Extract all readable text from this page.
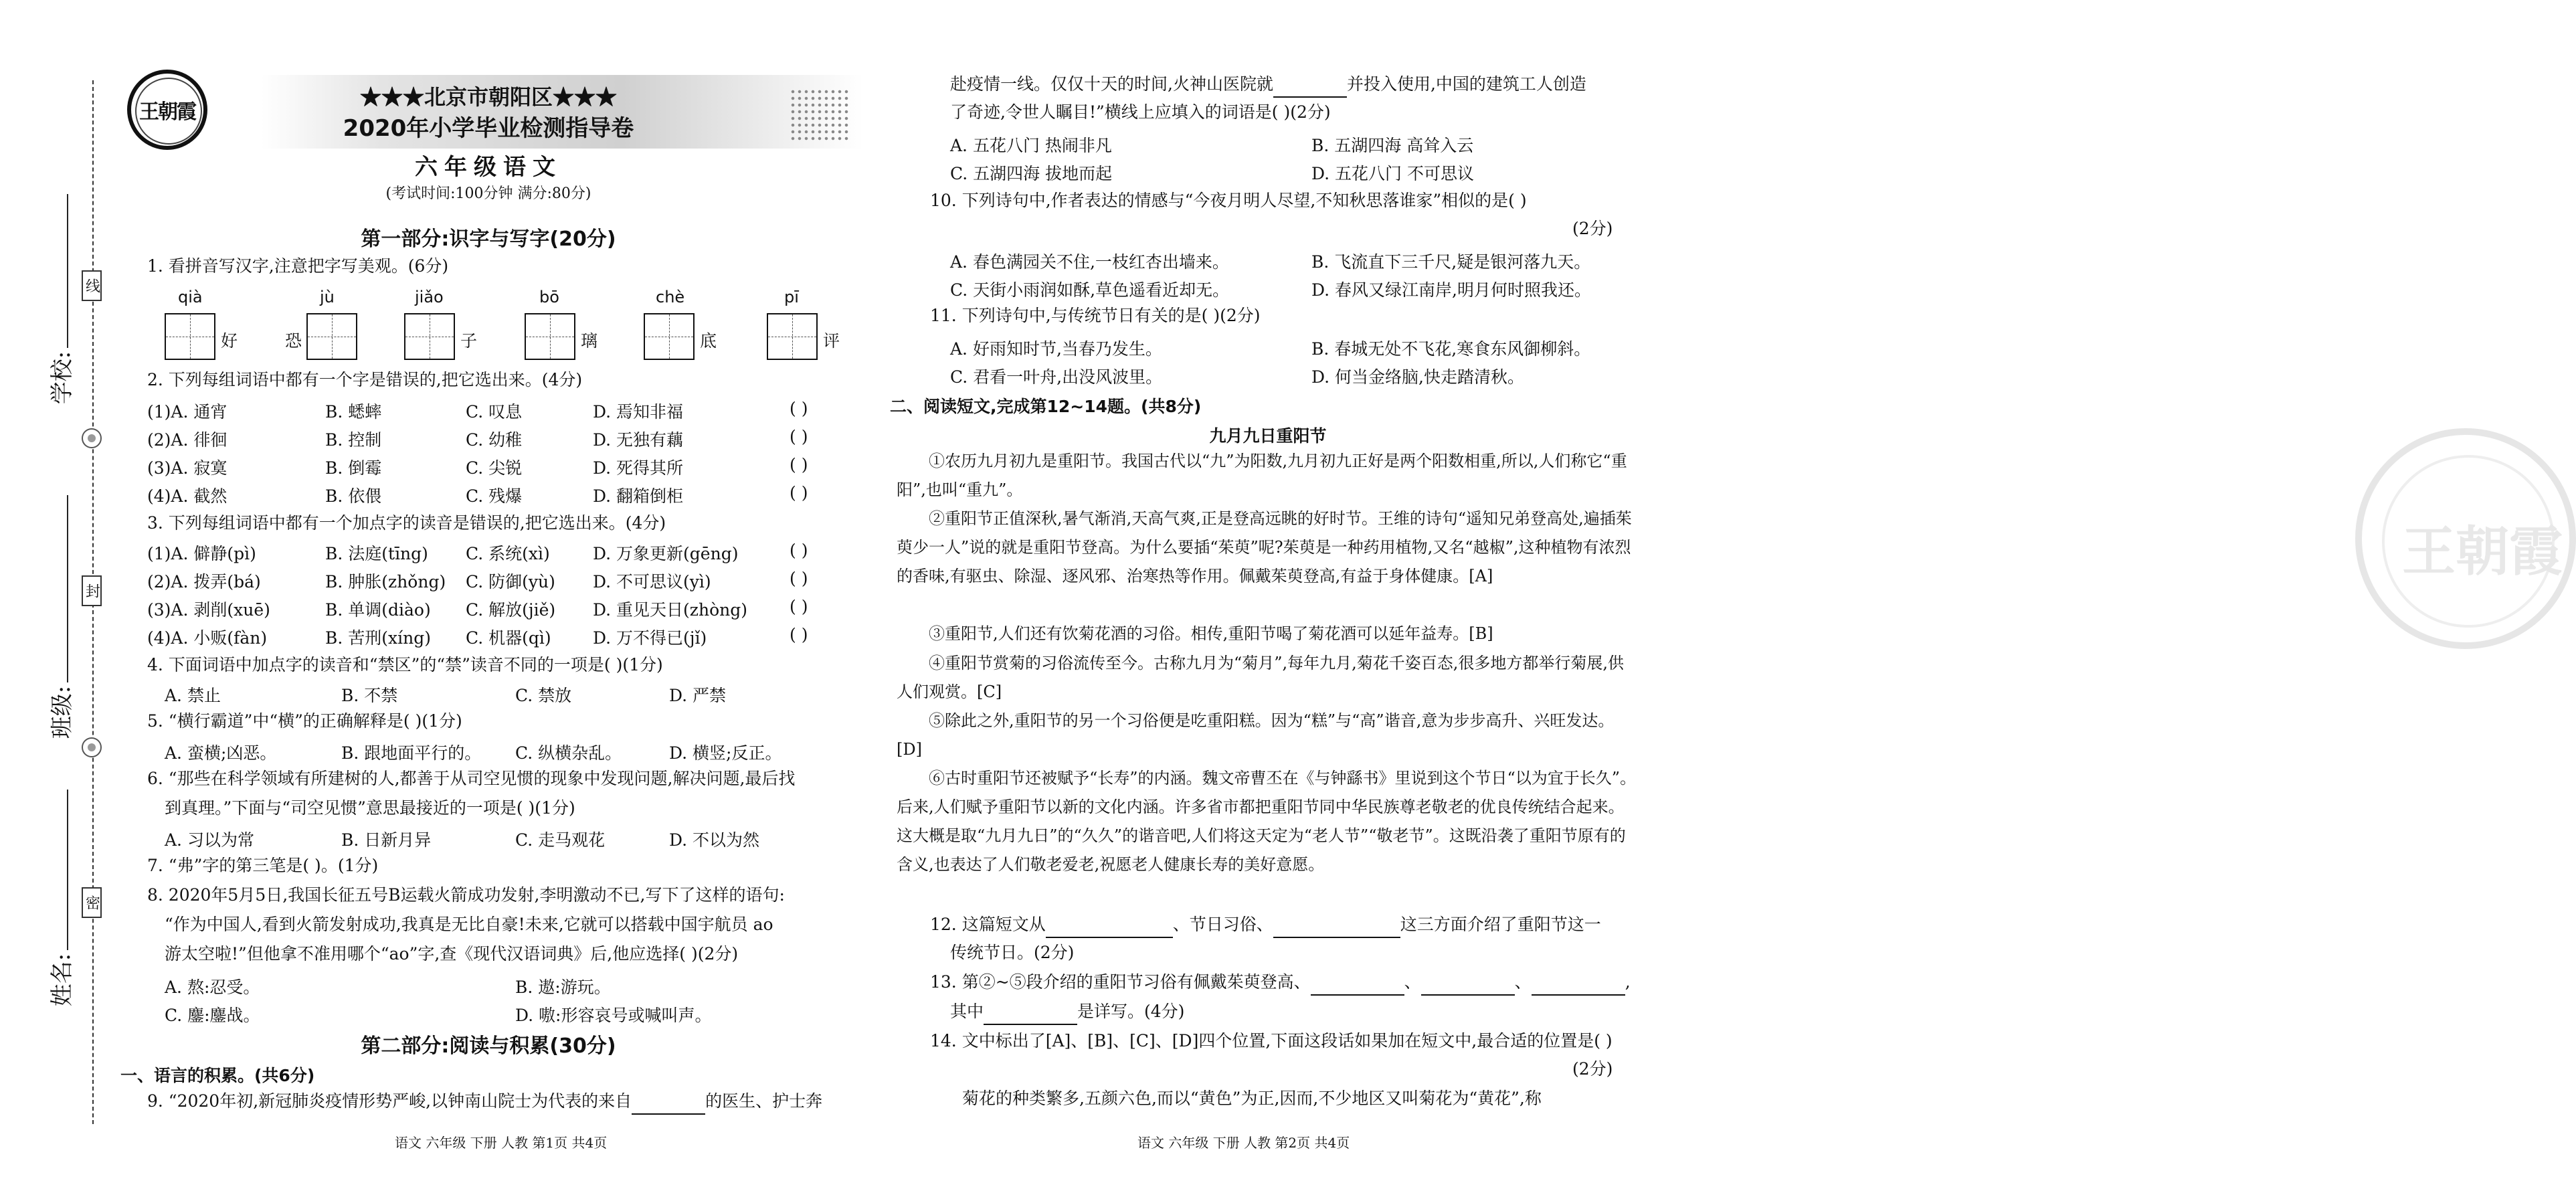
学校:
班级:
姓名:
线
封
密
王朝霞
★★★北京市朝阳区★★★
2020年小学毕业检测指导卷
六年级语文
(考试时间:100分钟 满分:80分)
第一部分:识字与写字(20分)
1. 看拼音写汉字,注意把字写美观。(6分)
qià	jù	jiǎo	bō	chè	pī
好	恐	子	璃	底	评
2. 下列每组词语中都有一个字是错误的,把它选出来。(4分)
(1)A. 通宵	B. 蟋蟀	C. 叹息	D. 焉知非福	( )
(2)A. 徘徊	B. 控制	C. 幼稚	D. 无独有藕	( )
(3)A. 寂寞	B. 倒霉	C. 尖锐	D. 死得其所	( )
(4)A. 截然	B. 依偎	C. 残爆	D. 翻箱倒柜	( )
3. 下列每组词语中都有一个加点字的读音是错误的,把它选出来。(4分)
(1)A. 僻静(pì)	B. 法庭(tīng) C. 系统(xì)	D. 万象更新(gēng)	( )
(2)A. 拨弄(bá)	B. 肿胀(zhǒng) C. 防御(yù) D. 不可思议(yì)	( )
(3)A. 剥削(xuē)	B. 单调(diào) C. 解放(jiě) D. 重见天日(zhòng)	( )
(4)A. 小贩(fàn)	B. 苦刑(xíng) C. 机器(qì) D. 万不得已(jǐ)	( )
4. 下面词语中加点字的读音和“禁区”的“禁”读音不同的一项是( )(1分)
A. 禁止	B. 不禁	C. 禁放	D. 严禁
5. “横行霸道”中“横”的正确解释是( )(1分)
A. 蛮横;凶恶。	B. 跟地面平行的。 C. 纵横杂乱。	D. 横竖;反正。
6. “那些在科学领域有所建树的人,都善于从司空见惯的现象中发现问题,解决问题,最后找
到真理。”下面与“司空见惯”意思最接近的一项是( )(1分)
A. 习以为常	B. 日新月异	C. 走马观花	D. 不以为然
7. “弗”字的第三笔是( )。(1分)
8. 2020年5月5日,我国长征五号B运载火箭成功发射,李明激动不已,写下了这样的语句:
“作为中国人,看到火箭发射成功,我真是无比自豪!未来,它就可以搭载中国宇航员 ao
游太空啦!”但他拿不准用哪个“ao”字,查《现代汉语词典》后,他应选择( )(2分)
A. 熬:忍受。	B. 遨:游玩。
C. 鏖:鏖战。	D. 嗷:形容哀号或喊叫声。
第二部分:阅读与积累(30分)
一、语言的积累。(共6分)
9. “2020年初,新冠肺炎疫情形势严峻,以钟南山院士为代表的来自	的医生、护士奔
语文 六年级 下册 人教 第1页 共4页
王朝霞
赴疫情一线。仅仅十天的时间,火神山医院就	并投入使用,中国的建筑工人创造
了奇迹,令世人瞩目!”横线上应填入的词语是( )(2分)
A. 五花八门 热闹非凡	B. 五湖四海 高耸入云
C. 五湖四海 拔地而起	D. 五花八门 不可思议
10. 下列诗句中,作者表达的情感与“今夜月明人尽望,不知秋思落谁家”相似的是( )
(2分)
A. 春色满园关不住,一枝红杏出墙来。	B. 飞流直下三千尺,疑是银河落九天。
C. 天街小雨润如酥,草色遥看近却无。	D. 春风又绿江南岸,明月何时照我还。
11. 下列诗句中,与传统节日有关的是( )(2分)
A. 好雨知时节,当春乃发生。	B. 春城无处不飞花,寒食东风御柳斜。
C. 君看一叶舟,出没风波里。	D. 何当金络脑,快走踏清秋。
二、阅读短文,完成第12~14题。(共8分)
九月九日重阳节
①农历九月初九是重阳节。我国古代以“九”为阳数,九月初九正好是两个阳数相重,所以,人们称它“重阳”,也叫“重九”。
②重阳节正值深秋,暑气渐消,天高气爽,正是登高远眺的好时节。王维的诗句“遥知兄弟登高处,遍插茱萸少一人”说的就是重阳节登高。为什么要插“茱萸”呢?茱萸是一种药用植物,又名“越椒”,这种植物有浓烈的香味,有驱虫、除湿、逐风邪、治寒热等作用。佩戴茱萸登高,有益于身体健康。[A]
③重阳节,人们还有饮菊花酒的习俗。相传,重阳节喝了菊花酒可以延年益寿。[B]
④重阳节赏菊的习俗流传至今。古称九月为“菊月”,每年九月,菊花千姿百态,很多地方都举行菊展,供人们观赏。[C]
⑤除此之外,重阳节的另一个习俗便是吃重阳糕。因为“糕”与“高”谐音,意为步步高升、兴旺发达。[D]
⑥古时重阳节还被赋予“长寿”的内涵。魏文帝曹丕在《与钟繇书》里说到这个节日“以为宜于长久”。后来,人们赋予重阳节以新的文化内涵。许多省市都把重阳节同中华民族尊老敬老的优良传统结合起来。这大概是取“九月九日”的“久久”的谐音吧,人们将这天定为“老人节”“敬老节”。这既沿袭了重阳节原有的含义,也表达了人们敬老爱老,祝愿老人健康长寿的美好意愿。
12. 这篇短文从	、节日习俗、	这三方面介绍了重阳节这一
传统节日。(2分)
13. 第②~⑤段介绍的重阳节习俗有佩戴茱萸登高、	、	、	,
其中	是详写。(4分)
14. 文中标出了[A]、[B]、[C]、[D]四个位置,下面这段话如果加在短文中,最合适的位置是( )
(2分)
菊花的种类繁多,五颜六色,而以“黄色”为正,因而,不少地区又叫菊花为“黄花”,称
语文 六年级 下册 人教 第2页 共4页
